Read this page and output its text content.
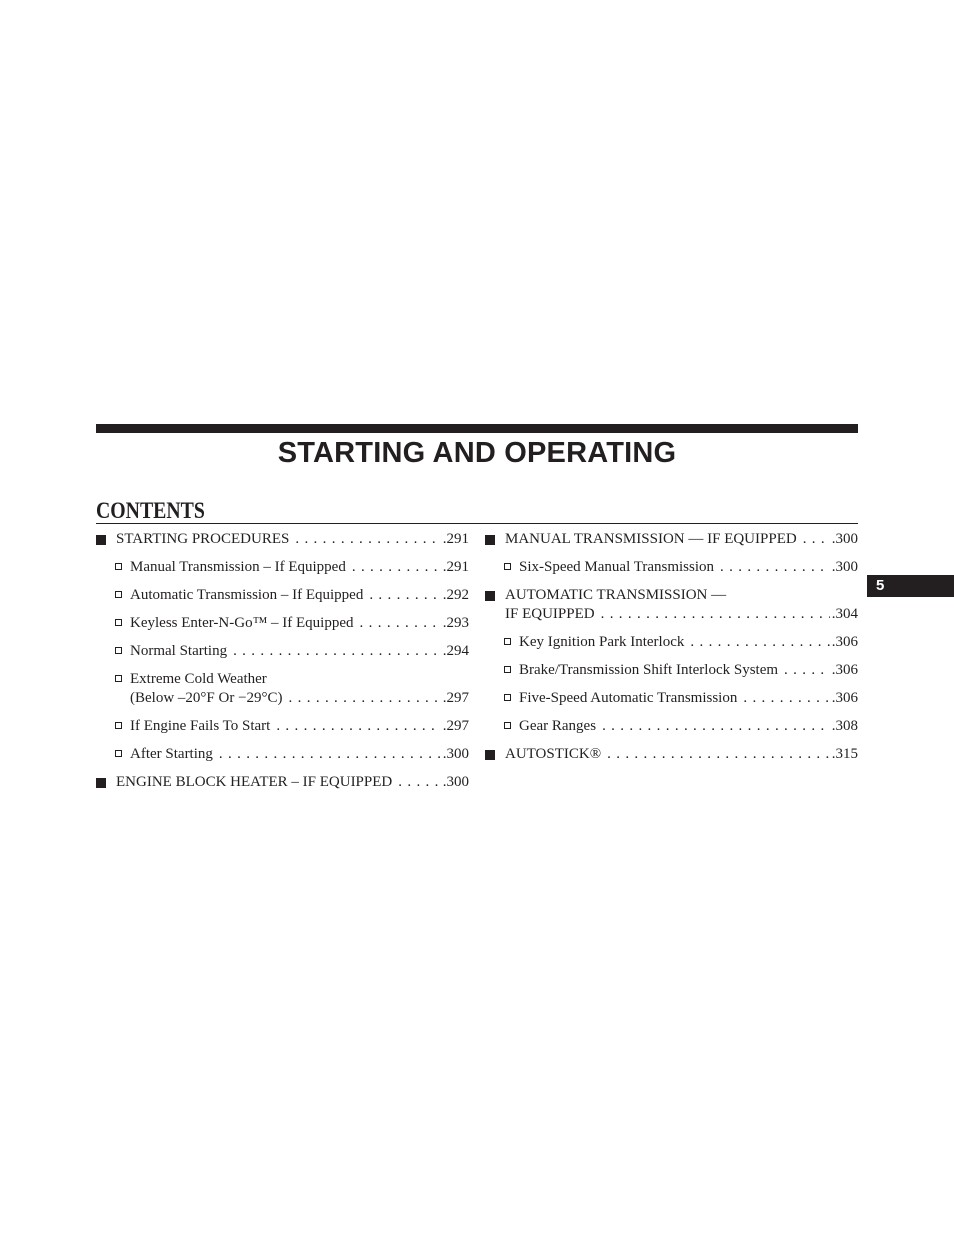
STARTING AND OPERATING
CONTENTS
5
STARTING PROCEDURES . . .	.291
Manual Transmission – If Equipped . . .	.291
Automatic Transmission – If Equipped . . .	.292
Keyless Enter-N-Go™ – If Equipped . . .	.293
Normal Starting . . .	.294
Extreme Cold Weather
(Below –20°F Or −29°C) . . .	.297
If Engine Fails To Start . . .	.297
After Starting . . .	.300
ENGINE BLOCK HEATER – IF EQUIPPED . . .	.300
MANUAL TRANSMISSION — IF EQUIPPED . . . .300
Six-Speed Manual Transmission . . .	.300
AUTOMATIC TRANSMISSION —
IF EQUIPPED . . .	.304
Key Ignition Park Interlock . . .	.306
Brake/Transmission Shift Interlock System . . .	.306
Five-Speed Automatic Transmission . . .	.306
Gear Ranges . . .	.308
AUTOSTICK® . . .	.315
